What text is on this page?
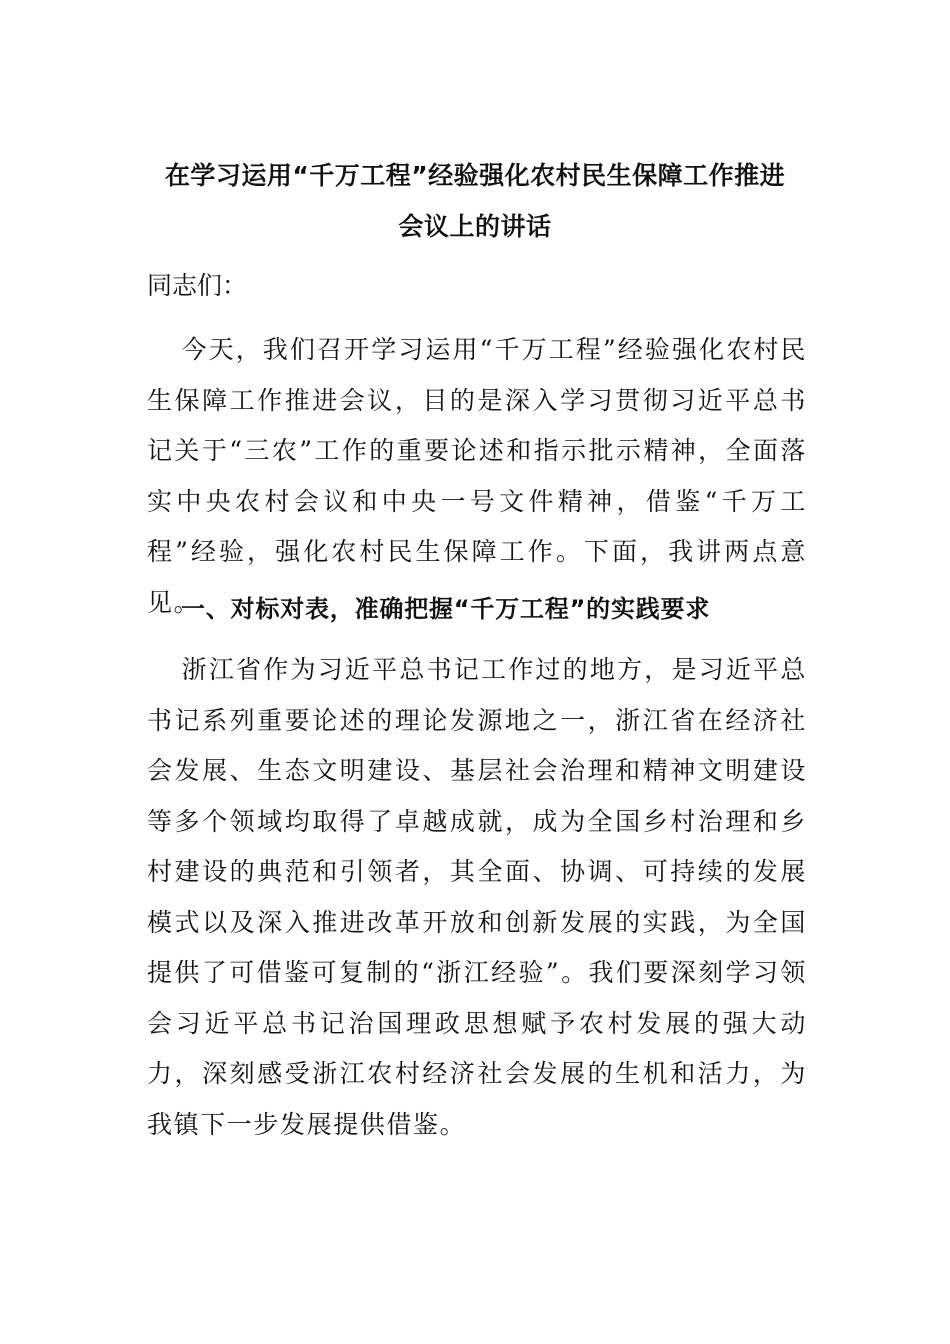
在学习运用“千万工程”经验强化农村民生保障工作推进
会议上的讲话
同志们：
今天，我们召开学习运用“千万工程”经验强化农村民生保障工作推进会议，目的是深入学习贯彻习近平总书记关于“三农”工作的重要论述和指示批示精神，全面落实中央农村会议和中央一号文件精神，借鉴“千万工程”经验，强化农村民生保障工作。下面，我讲两点意见。
一、对标对表，准确把握“千万工程”的实践要求
浙江省作为习近平总书记工作过的地方，是习近平总书记系列重要论述的理论发源地之一，浙江省在经济社会发展、生态文明建设、基层社会治理和精神文明建设等多个领域均取得了卓越成就，成为全国乡村治理和乡村建设的典范和引领者，其全面、协调、可持续的发展模式以及深入推进改革开放和创新发展的实践，为全国提供了可借鉴可复制的“浙江经验”。我们要深刻学习领会习近平总书记治国理政思想赋予农村发展的强大动力，深刻感受浙江农村经济社会发展的生机和活力，为我镇下一步发展提供借鉴。
